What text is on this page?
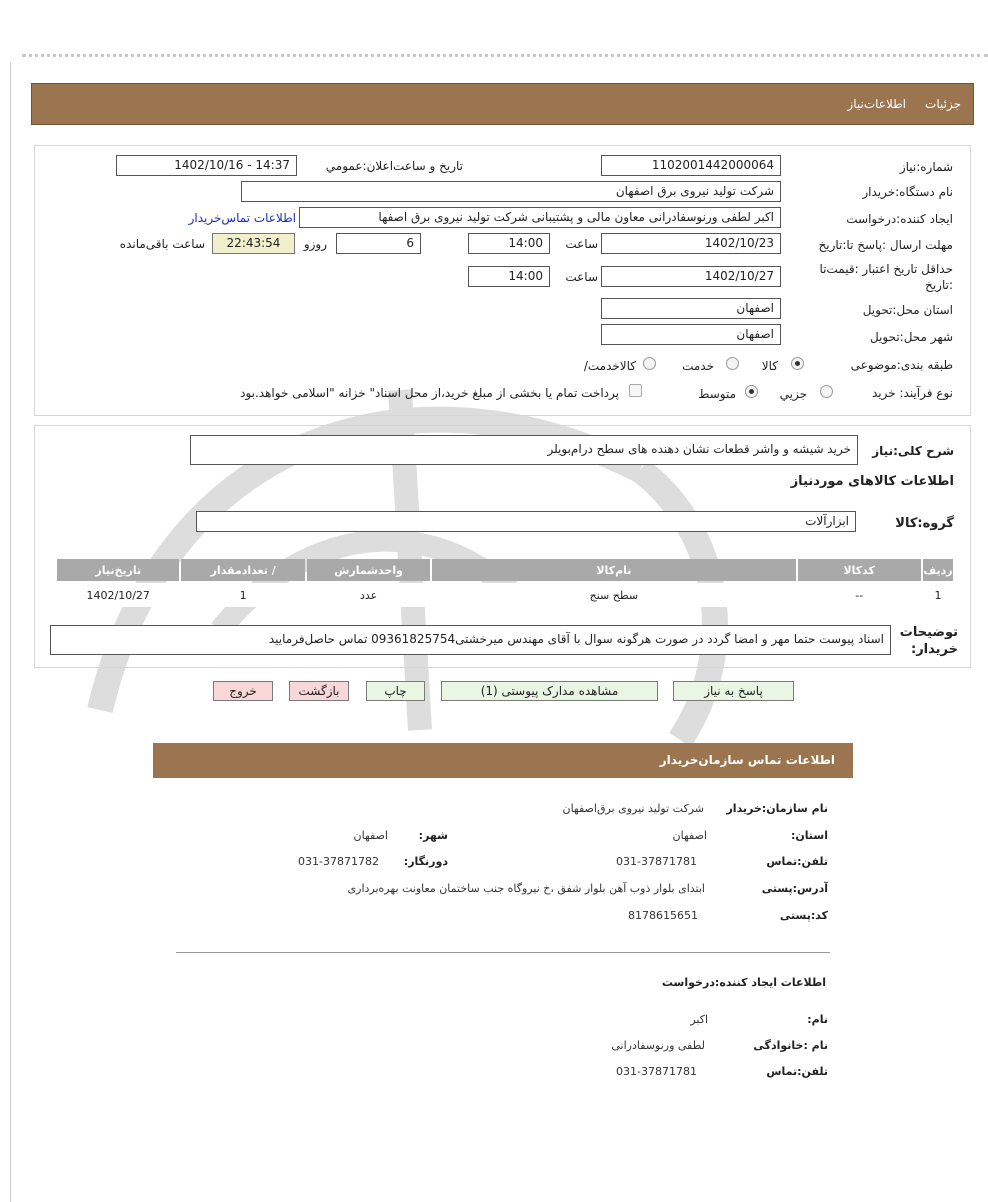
جزئیات
اطلاعات‌نیاز
شماره:نیاز
1102001442000064
تاریخ و ساعت‌اعلان:عمومي
1402/10/16 - 14:37
نام دستگاه:خریدار
شرکت تولید نیروی برق اصفهان
ایجاد کننده:درخواست
اکبر لطفی ورنوسفادرانی معاون مالی و پشتیبانی شرکت تولید نیروی برق اصفها
اطلاعات تماس‌خریدار
مهلت ارسال :پاسخ تا:تاریخ
1402/10/23
ساعت
14:00
6
روزو
22:43:54
ساعت باقی‌مانده
حداقل تاریخ اعتبار :قیمت‌تا
:تاریخ
1402/10/27
ساعت
14:00
استان محل:تحویل
اصفهان
شهر محل:تحویل
اصفهان
طبقه بندی:موضوعی
کالا
خدمت
/کالاخدمت
نوع فرآیند: خرید
جزيي
متوسط
پرداخت تمام یا بخشی از مبلغ خرید،از محل اسناد" خزانه "اسلامی خواهد.بود
شرح کلی:نیاز
خرید شیشه و واشر قطعات نشان دهنده های سطح درام‌بویلر
اطلاعات کالاهای موردنیاز
گروه:کالا
ابزارآلات
ردیف	کدکالا	نام‌کالا	واحدشمارش	/ تعدادمقدار	تاریخ‌نیاز
1	--	سطح سنج	عدد	1	1402/10/27
توضیحات
:خریدار
اسناد پیوست حتما مهر و امضا گردد در صورت هرگونه سوال با آقای مهندس میرخشتی09361825754 تماس حاصل‌فرمایید
پاسخ به نیاز
مشاهده مدارک پیوستی (1)
چاپ
بازگشت
خروج
اطلاعات تماس سازمان‌خریدار
نام سازمان:خریدار
شرکت تولید نیروی برق‌اصفهان
:استان
اصفهان
:شهر
اصفهان
تلفن:تماس
031-37871781
:دورنگار
031-37871782
آدرس:پستی
ابتدای بلوار ذوب آهن بلوار شفق ،خ نیروگاه جنب ساختمان معاونت بهره‌برداری
کد:پستی
8178615651
اطلاعات ایجاد کننده:درخواست
:نام
اکبر
نام :خانوادگی
لطفی ورنوسفادرانی
تلفن:تماس
031-37871781
